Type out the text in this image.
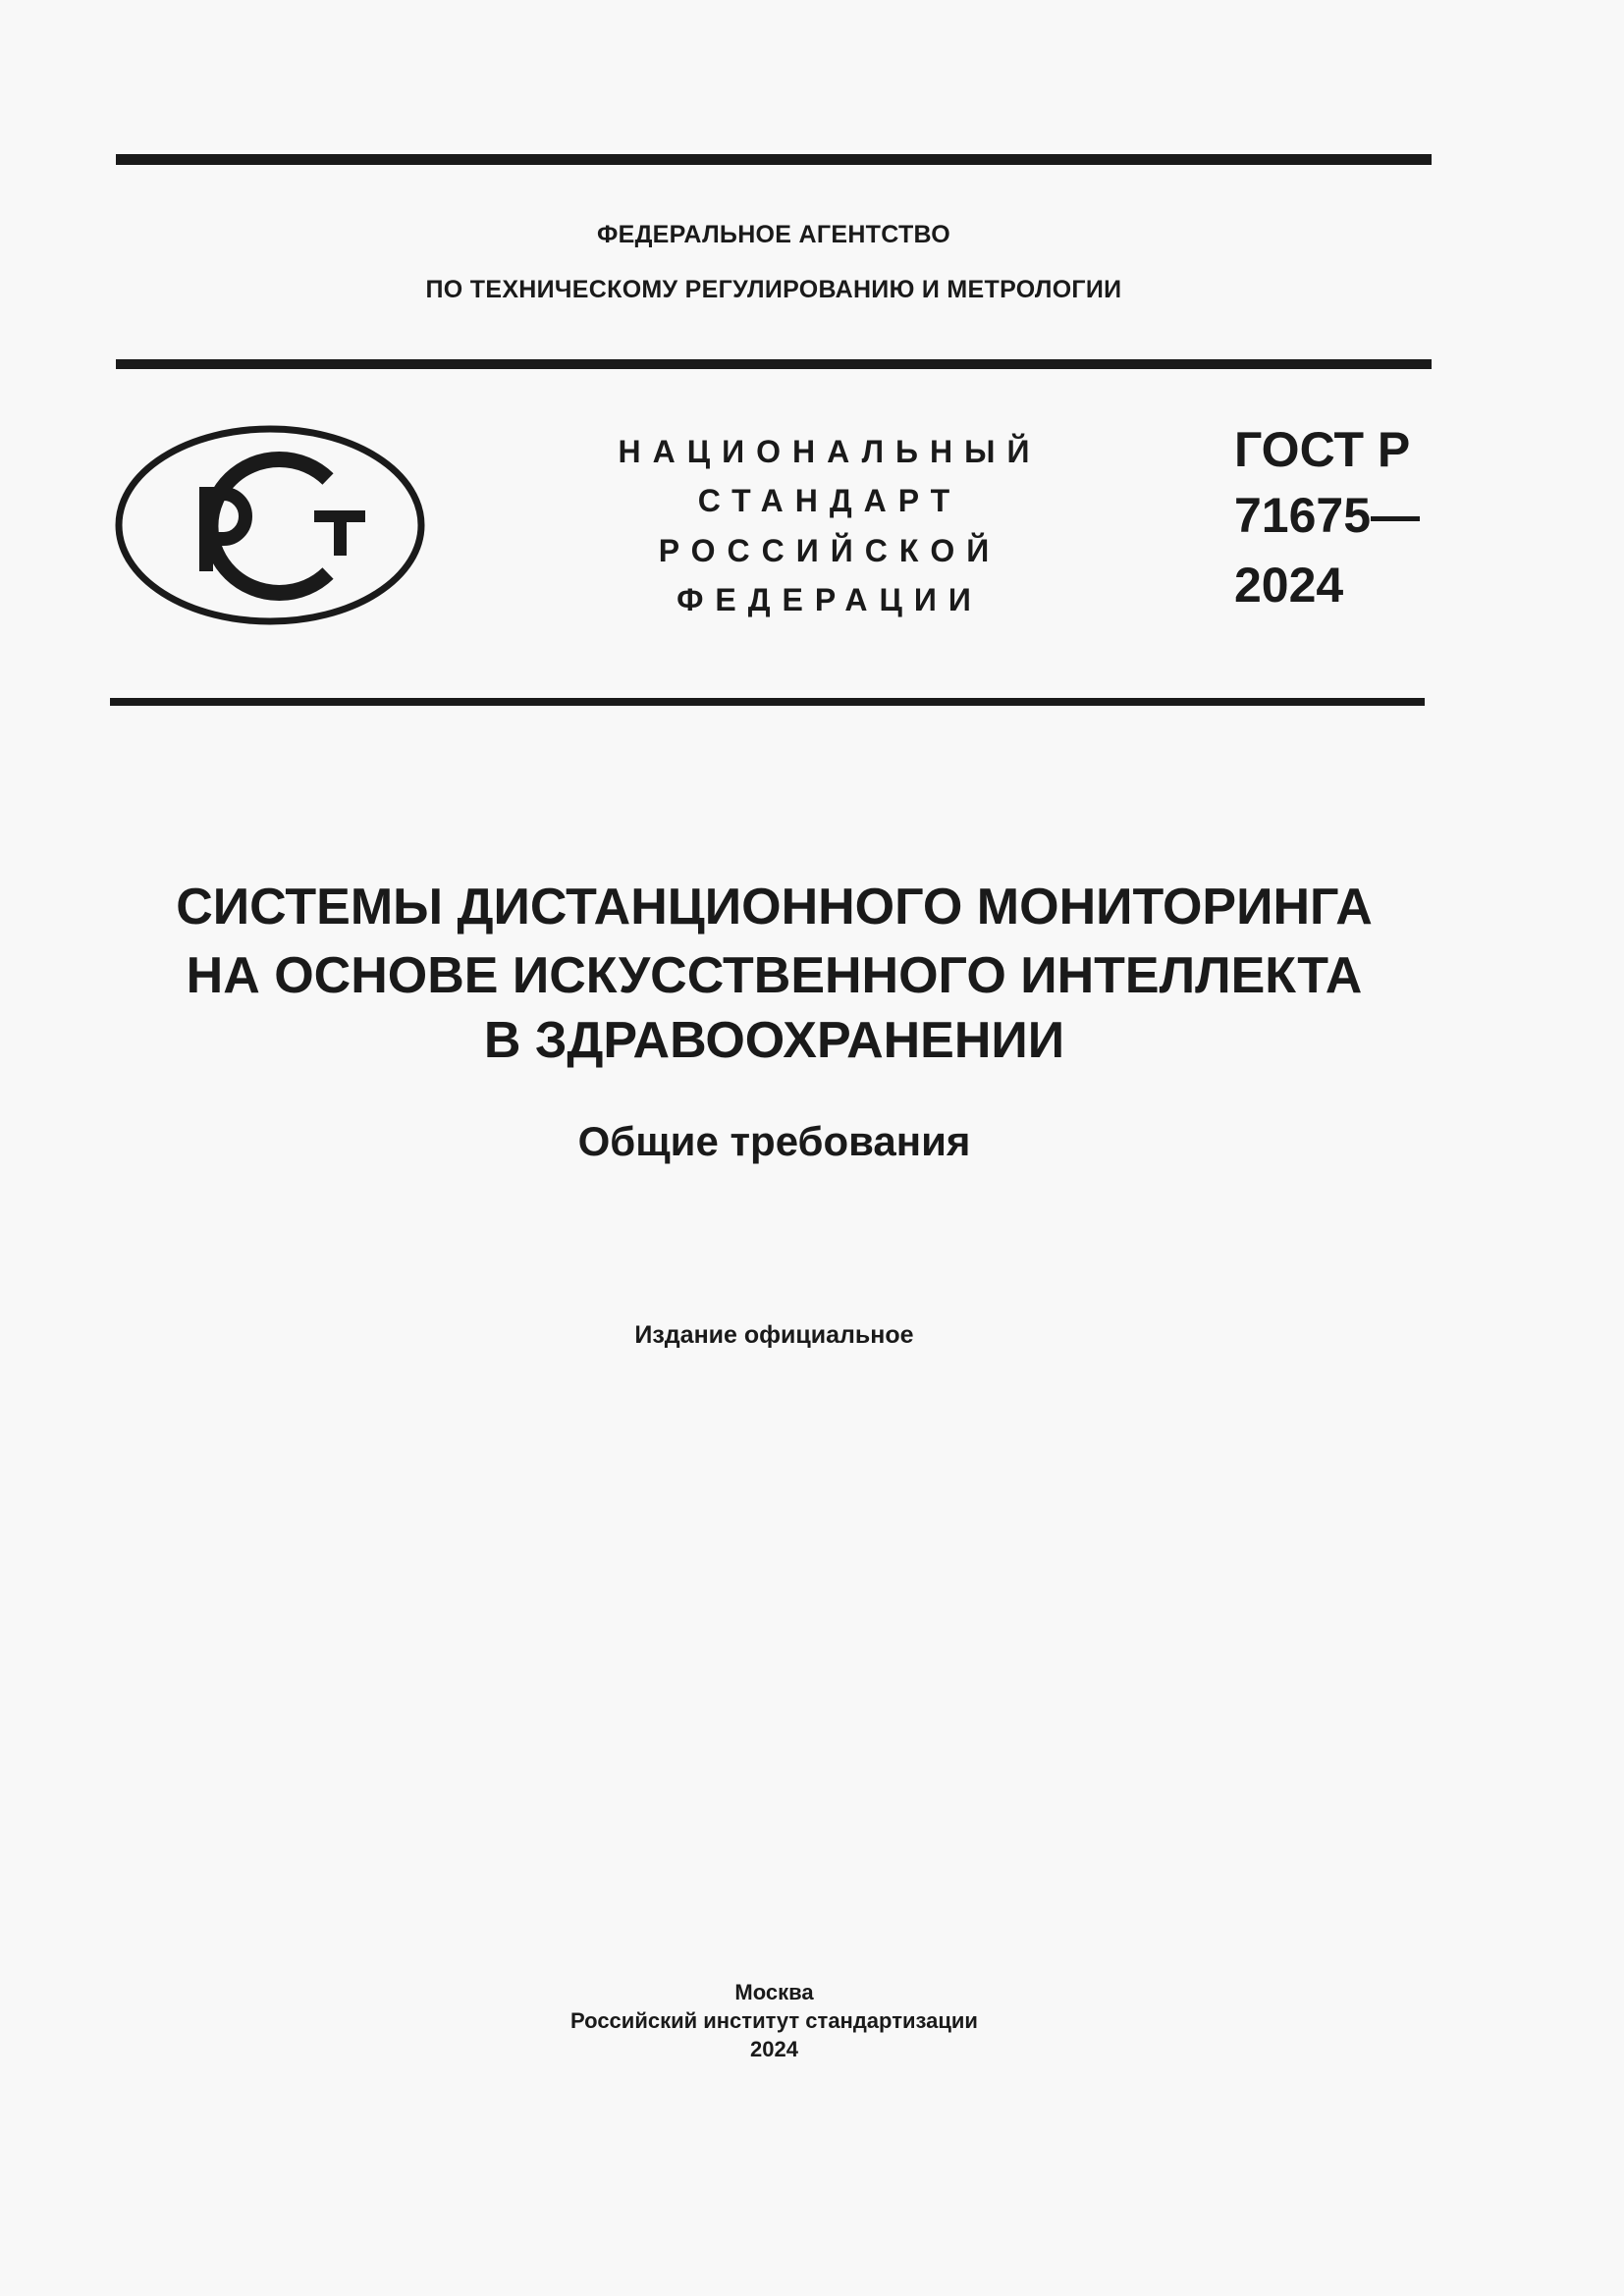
ФЕДЕРАЛЬНОЕ АГЕНТСТВО
ПО ТЕХНИЧЕСКОМУ РЕГУЛИРОВАНИЮ И МЕТРОЛОГИИ
НАЦИОНАЛЬНЫЙ
СТАНДАРТ
РОССИЙСКОЙ
ФЕДЕРАЦИИ
ГОСТ Р
71675—
2024
СИСТЕМЫ ДИСТАНЦИОННОГО МОНИТОРИНГА
НА ОСНОВЕ ИСКУССТВЕННОГО ИНТЕЛЛЕКТА
В ЗДРАВООХРАНЕНИИ
Общие требования
Издание официальное
Москва
Российский институт стандартизации
2024
